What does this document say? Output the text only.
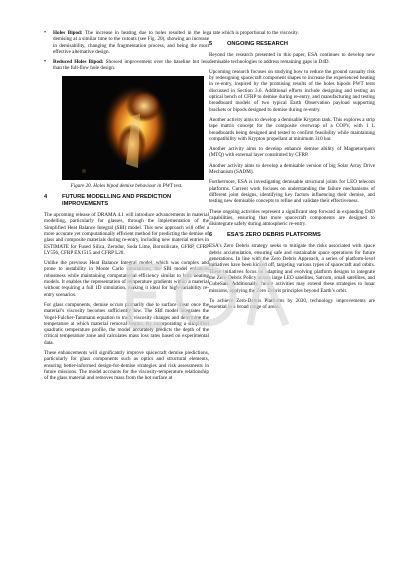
• Holes Bipod: The increase in heating due to holes resulted in the leg demising at a similar time to the cutouts (see Fig. 20), showing an increase in demisability, changing the fragmentation process, and being the most effective alternative design.
• Reduced Holes Bipod: Showed improvement over the baseline but less than the full-flow hole design.

Figure 20. Holes bipod demise behaviour in PWT test.

4	FUTURE MODELLING AND PREDICTION IMPROVEMENTS

The upcoming release of DRAMA 4.1 will introduce advancements in material modelling, particularly for glasses, through the implementation of the Simplified Heat Balance Integral (SBI) model. This new approach will offer a more accurate yet computationally efficient method for predicting the demise of glass and composite materials during re-entry, including new material entries in ESTIMATE for Fused Silica, Zerodur, Soda Lime, Borosilicate, GFRP, CFRP LY556, CFRP EX1515 and CFRP L20.

Unlike the previous Heat Balance Integral model, which was complex and prone to instability in Monte Carlo simulations, the SBI model enhances robustness while maintaining computational efficiency similar to bulk heating models. It enables the representation of temperature gradients within a material without requiring a full 1D simulation, making it ideal for high-variability re-entry scenarios.

For glass components, demise occurs primarily due to surface shear once the material’s viscosity becomes sufficiently low. The SBI model integrates the Vogel-Fulcher-Tammann equation to track viscosity changes and determine the temperature at which material removal begins. By incorporating a simplified quadratic temperature profile, the model accurately predicts the depth of the critical temperature zone and calculates mass loss rates based on experimental data.

These enhancements will significantly improve spacecraft demise predictions, particularly for glass components such as optics and structural elements, ensuring better-informed design-for-demise strategies and risk assessments in future missions. The model accounts for the viscosity-temperature relationship of the glass material and removes mass from the hot surface at

a rate which is proportional to the viscosity.

5	ONGOING RESEARCH

Beyond the research presented in this paper, ESA continues to develop new demisable technologies to address remaining gaps in D4D.

Upcoming research focuses on studying how to reduce the ground casualty risk by redesigning spacecraft component shapes to increase the experienced heating in re-entry, inspired by the promising results of the holes bipods PWT tests discussed in Section 3.6. Additional efforts include designing and testing an optical bench of CFRP to demise during re-entry, and manufacturing and testing breadboard models of two typical Earth Observation payload supporting brackets or bipods designed to demise during re-entry.

Another activity aims to develop a demisable Krypton tank. This explores a strip tape matrix concept for the composite overwrap of a COPV, with 1 L breadboards being designed and tested to confirm feasibility while maintaining compatibility with Krypton propellant at minimum 310 bar.

Another activity aims to develop enhance demise ability of Magnetorquers (MTQ) with external layer constituted by CFRP.

Another activity aims to develop a demisable version of big Solar Array Drive Mechanism (SADM).

Furthermore, ESA is investigating demisable structural joints for LEO telecom platforms. Current work focuses on understanding the failure mechanisms of different joint designs, identifying key factors influencing their demise, and testing new demisable concepts to refine and validate their effectiveness.

These ongoing activities represent a significant step forward in expanding D4D capabilities, ensuring that more spacecraft components are designed to disintegrate safely during atmospheric re-entry.

6	ESA’S ZERO DEBRIS PLATFORMS

ESA’s Zero Debris strategy seeks to mitigate the risks associated with space debris accumulation, ensuring safe and sustainable space operations for future generations. In line with the Zero Debris Approach, a series of platform-level initiatives have been kicked off, targeting various types of spacecraft and orbits. These initiatives focus on adapting and evolving platform designs to integrate the Zero Debris Policy across large LEO satellites, Satcom, small satellites, and CubeSats. Additionally, future activities may extend these strategies to lunar missions, applying the Zero Debris principles beyond Earth’s orbit.

To achieve Zero-Debris Platforms by 2030, technology improvements are essential in a broad range of areas.
